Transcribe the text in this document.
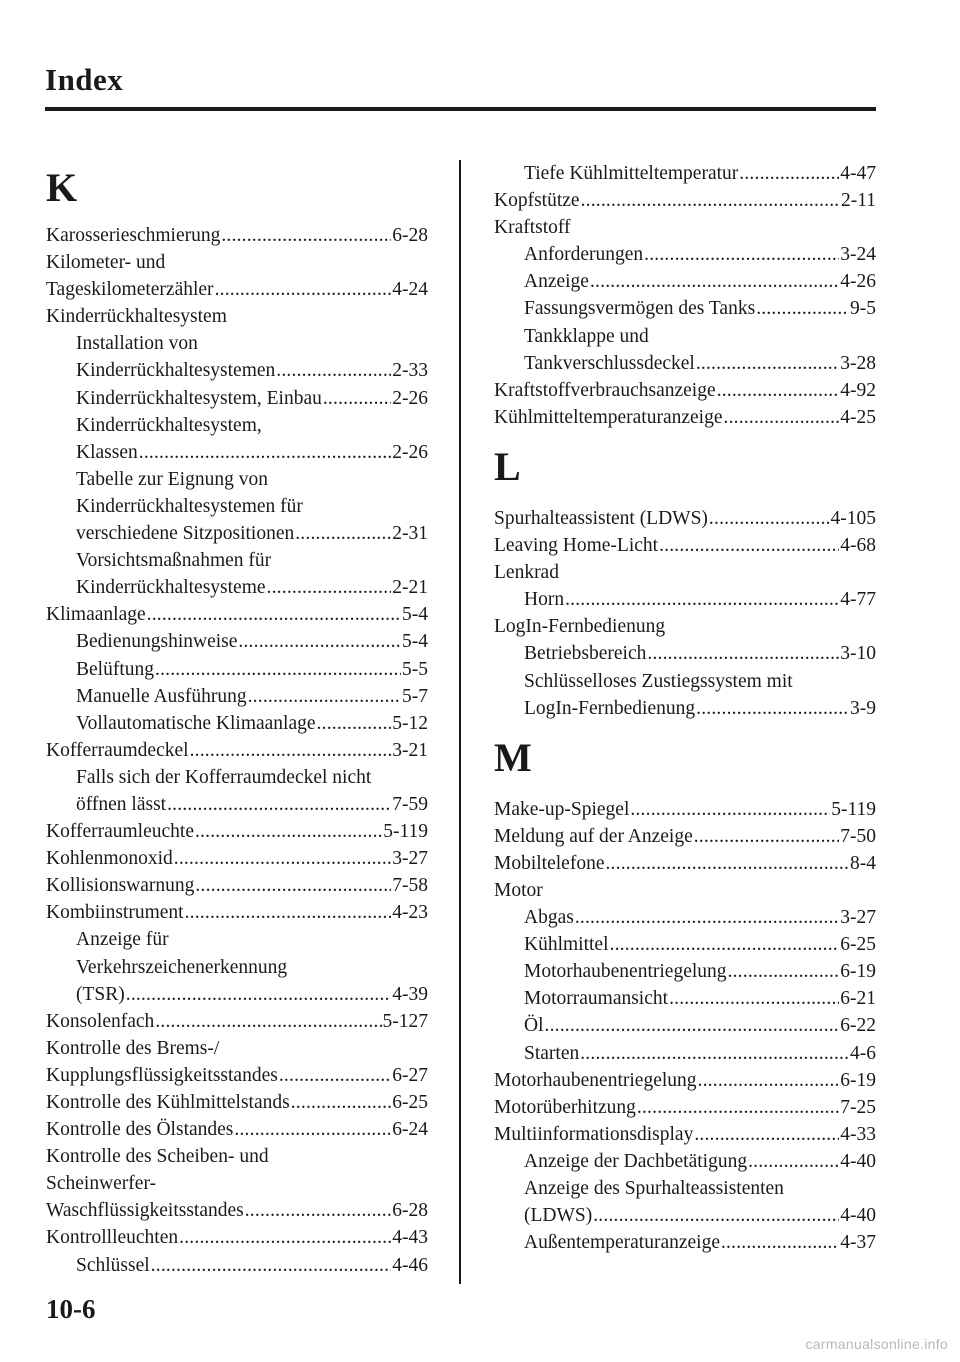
Index
K
Karosserieschmierung .....	6-28
Kilometer- und
Tageskilometerzähler .....	4-24
Kinderrückhaltesystem
Installation von
Kinderrückhaltesystemen .....	2-33
Kinderrückhaltesystem, Einbau .....	2-26
Kinderrückhaltesystem,
Klassen .....	2-26
Tabelle zur Eignung von
Kinderrückhaltesystemen für
verschiedene Sitzpositionen .....	2-31
Vorsichtsmaßnahmen für
Kinderrückhaltesysteme .....	2-21
Klimaanlage .....	5-4
Bedienungshinweise .....	5-4
Belüftung .....	5-5
Manuelle Ausführung .....	5-7
Vollautomatische Klimaanlage .....	5-12
Kofferraumdeckel .....	3-21
Falls sich der Kofferraumdeckel nicht
öffnen lässt .....	7-59
Kofferraumleuchte .....	5-119
Kohlenmonoxid .....	3-27
Kollisionswarnung .....	7-58
Kombiinstrument .....	4-23
Anzeige für
Verkehrszeichenerkennung
(TSR) .....	4-39
Konsolenfach .....	5-127
Kontrolle des Brems-/
Kupplungsflüssigkeitsstandes .....	6-27
Kontrolle des Kühlmittelstands .....	6-25
Kontrolle des Ölstandes .....	6-24
Kontrolle des Scheiben- und
Scheinwerfer-
Waschflüssigkeitsstandes .....	6-28
Kontrollleuchten .....	4-43
Schlüssel .....	4-46
Tiefe Kühlmitteltemperatur .....	4-47
Kopfstütze .....	2-11
Kraftstoff
Anforderungen .....	3-24
Anzeige .....	4-26
Fassungsvermögen des Tanks .....	9-5
Tankklappe und
Tankverschlussdeckel .....	3-28
Kraftstoffverbrauchsanzeige .....	4-92
Kühlmitteltemperaturanzeige .....	4-25
L
Spurhalteassistent (LDWS) .....	4-105
Leaving Home-Licht .....	4-68
Lenkrad
Horn .....	4-77
LogIn-Fernbedienung
Betriebsbereich .....	3-10
Schlüsselloses Zustiegssystem mit
LogIn-Fernbedienung .....	3-9
M
Make-up-Spiegel .....	5-119
Meldung auf der Anzeige .....	7-50
Mobiltelefone .....	8-4
Motor
Abgas .....	3-27
Kühlmittel .....	6-25
Motorhaubenentriegelung .....	6-19
Motorraumansicht .....	6-21
Öl .....	6-22
Starten .....	4-6
Motorhaubenentriegelung .....	6-19
Motorüberhitzung .....	7-25
Multiinformationsdisplay .....	4-33
Anzeige der Dachbetätigung .....	4-40
Anzeige des Spurhalteassistenten
(LDWS) .....	4-40
Außentemperaturanzeige .....	4-37
10-6
carmanualsonline.info
